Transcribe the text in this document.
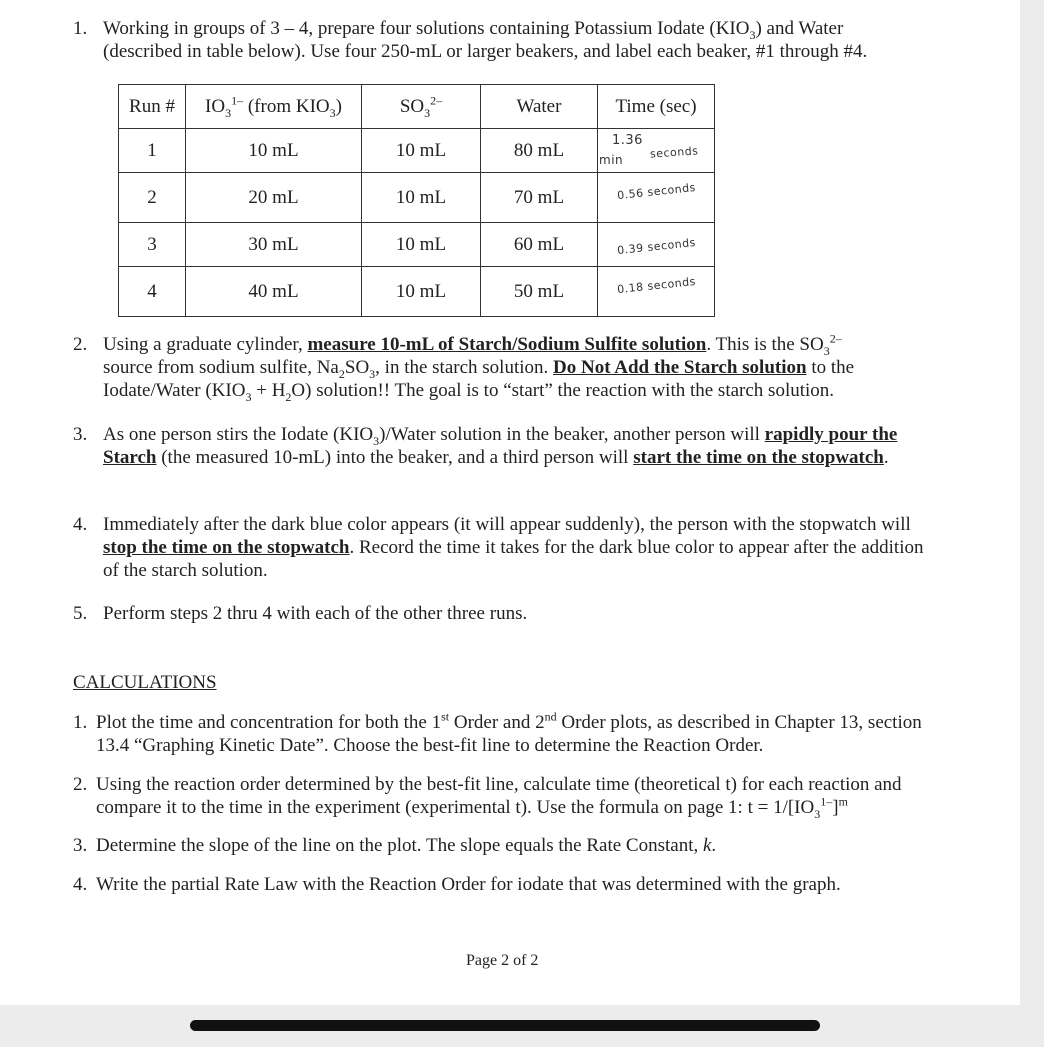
1. Working in groups of 3 – 4, prepare four solutions containing Potassium Iodate $(KIO_3)$ and Water
(described in table below). Use four 250-mL or larger beakers, and label each beaker, #1 through #4.
Run #	$IO_3^{1-}$ (from $KIO_3$)	$SO_3^{2-}$	Water	Time (sec)
1	10 mL	10 mL	80 mL	1.36
min seconds

2	20 mL	10 mL	70 mL	0.56 seconds
3	30 mL	10 mL	60 mL	0.39 seconds
4	40 mL	10 mL	50 mL	0.18 seconds
2. Using a graduate cylinder, measure 10-mL of Starch/Sodium Sulfite solution. This is the $SO_3^{2-}$
source from sodium sulfite, $Na_2SO_3$, in the starch solution. Do Not Add the Starch solution to the
Iodate/Water $(KIO_3 + H_2O)$ solution!! The goal is to “start” the reaction with the starch solution.
3. As one person stirs the Iodate $(KIO_3)$/Water solution in the beaker, another person will rapidly pour the Starch (the measured 10-mL) into the beaker, and a third person will start the time on the stopwatch.
4. Immediately after the dark blue color appears (it will appear suddenly), the person with the stopwatch will stop the time on the stopwatch. Record the time it takes for the dark blue color to appear after the addition of the starch solution.
5. Perform steps 2 thru 4 with each of the other three runs.
CALCULATIONS
1. Plot the time and concentration for both the 1st Order and 2nd Order plots, as described in Chapter 13, section 13.4 “Graphing Kinetic Date”. Choose the best-fit line to determine the Reaction Order.
2. Using the reaction order determined by the best-fit line, calculate time (theoretical t) for each reaction and compare it to the time in the experiment (experimental t). Use the formula on page 1: $t = 1/[IO_3^{1-}]^m$
3. Determine the slope of the line on the plot. The slope equals the Rate Constant, k.
4. Write the partial Rate Law with the Reaction Order for iodate that was determined with the graph.
Page 2 of 2
